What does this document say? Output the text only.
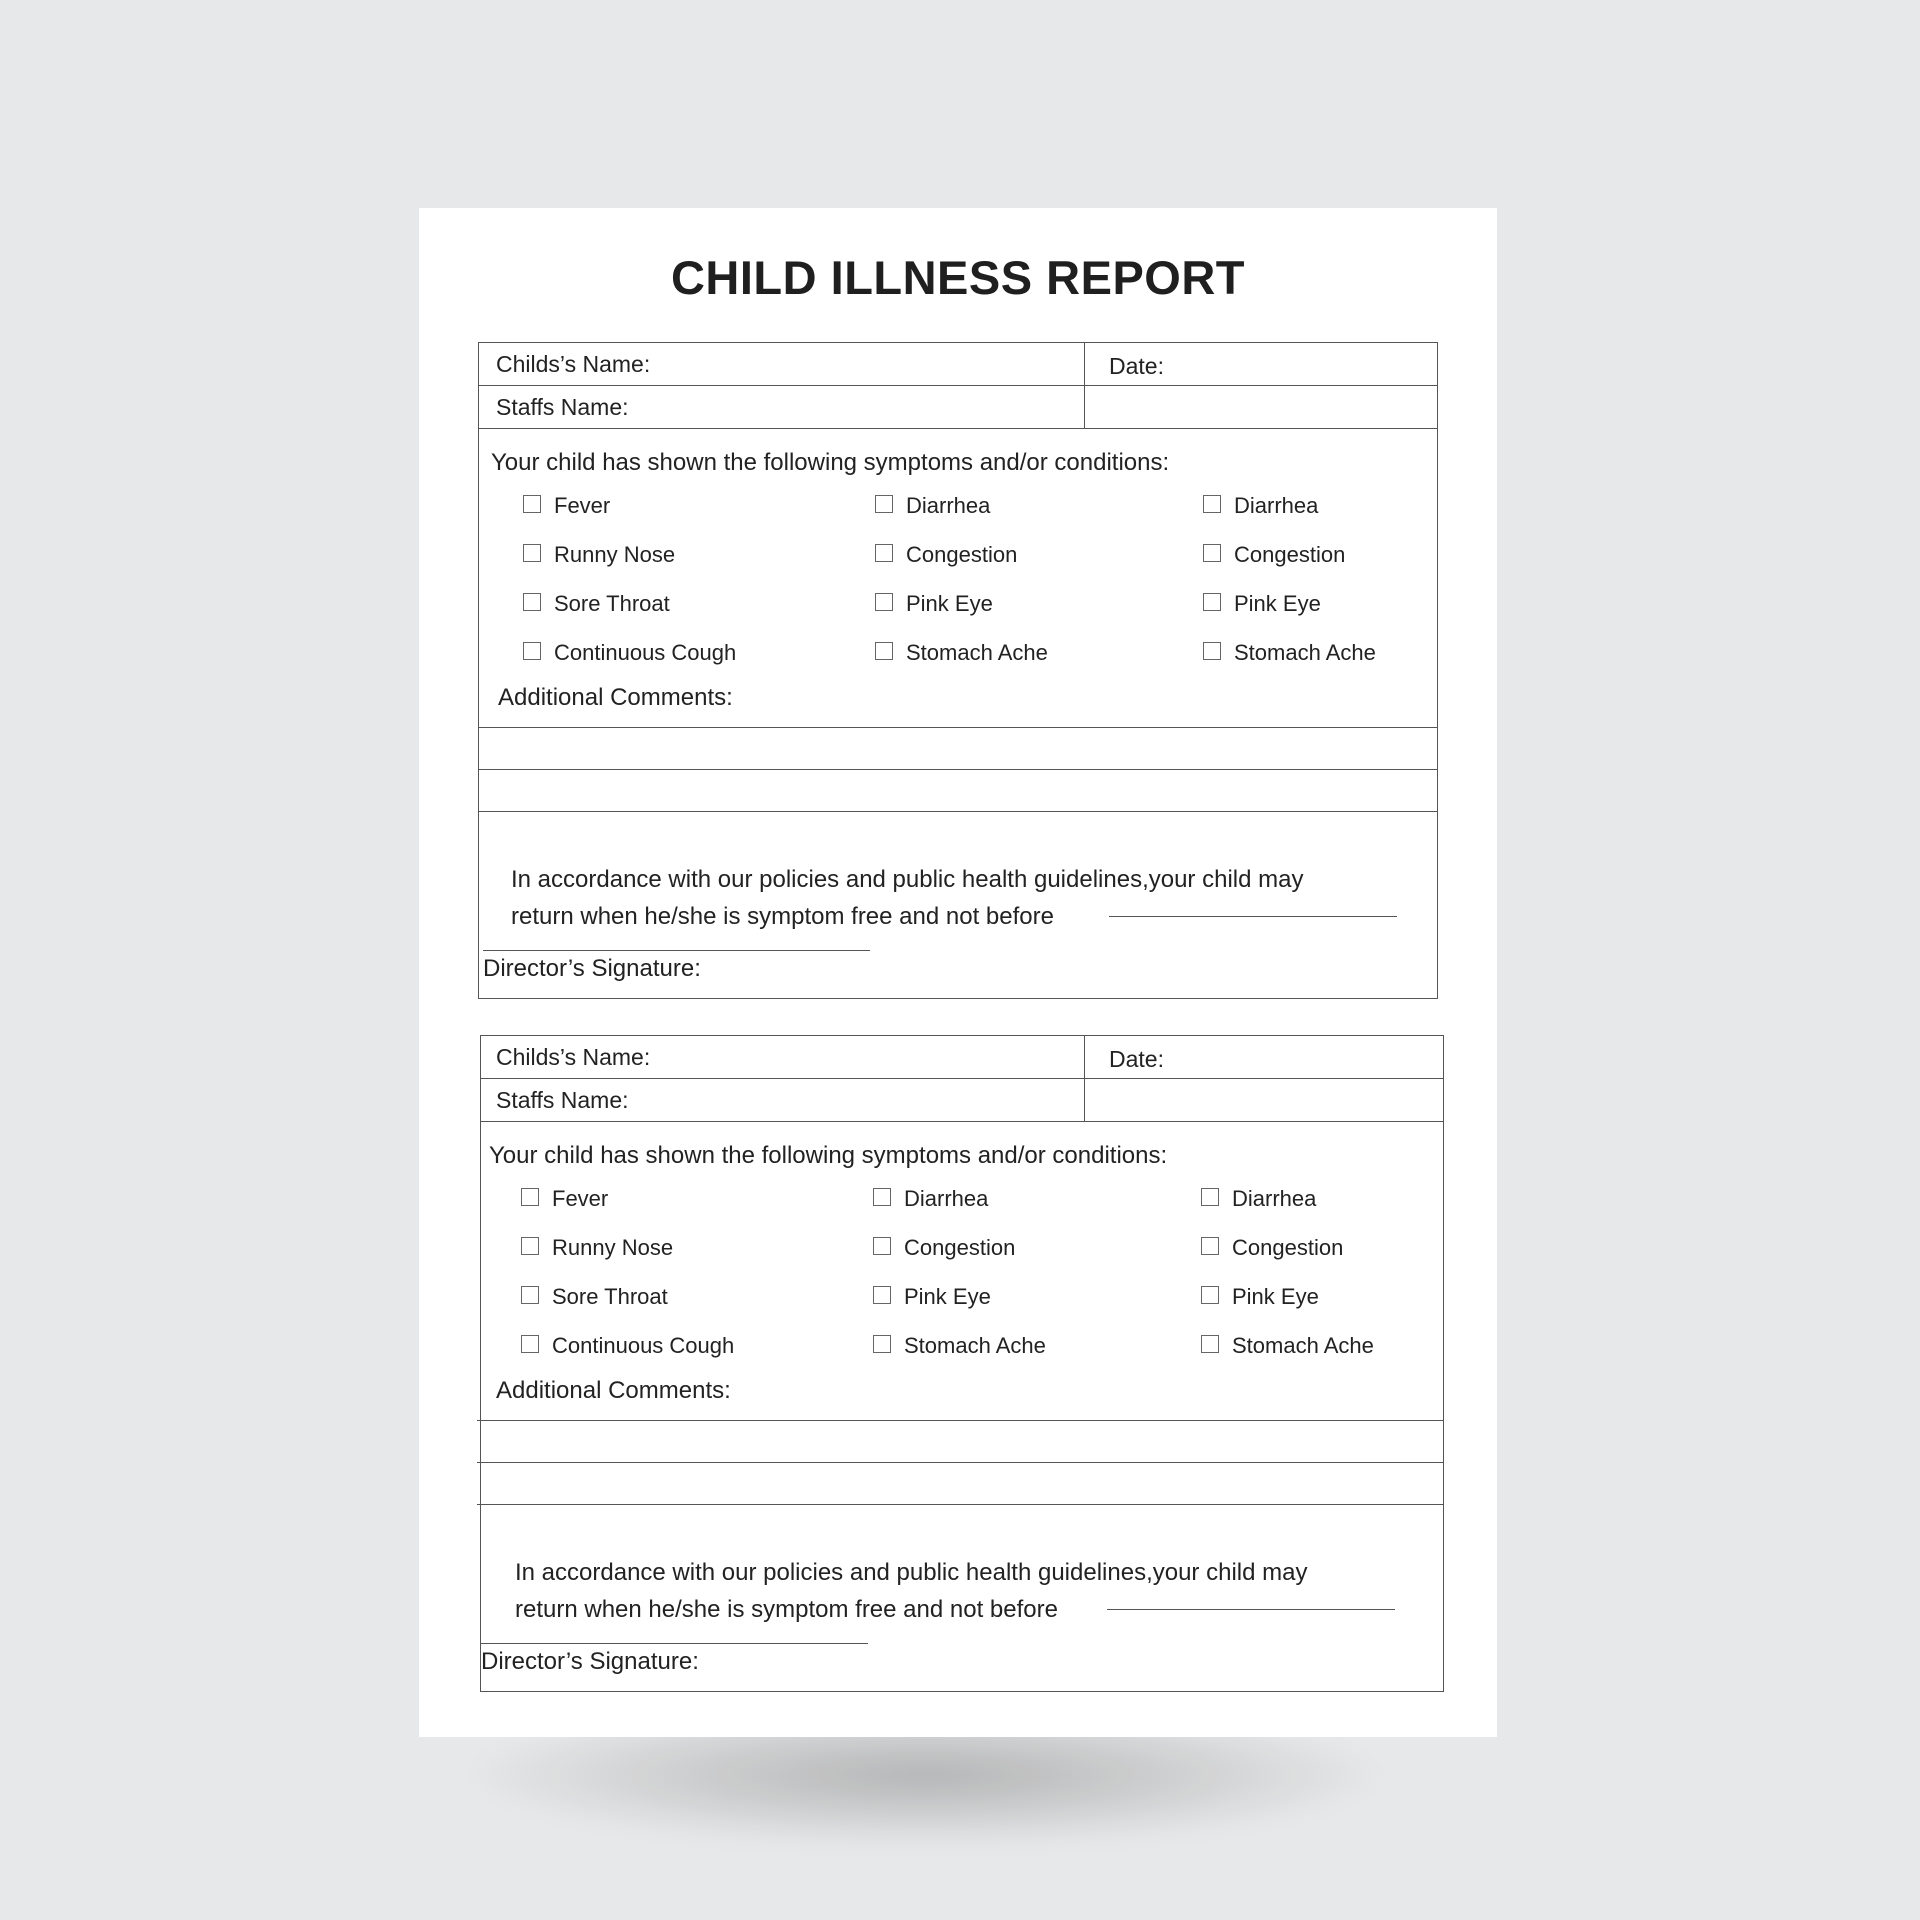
CHILD ILLNESS REPORT
Childs’s Name:	Date:
Staffs Name:
Your child has shown the following symptoms and/or conditions:
Fever
Runny Nose
Sore Throat
Continuous Cough
Diarrhea
Congestion
Pink Eye
Stomach Ache
Diarrhea
Congestion
Pink Eye
Stomach Ache
Additional Comments:
In accordance with our policies and public health guidelines,your child may
return when he/she is symptom free and not before
Director’s Signature:
Childs’s Name:	Date:
Staffs Name:
Your child has shown the following symptoms and/or conditions:
Fever
Runny Nose
Sore Throat
Continuous Cough
Diarrhea
Congestion
Pink Eye
Stomach Ache
Diarrhea
Congestion
Pink Eye
Stomach Ache
Additional Comments:
In accordance with our policies and public health guidelines,your child may
return when he/she is symptom free and not before
Director’s Signature:
